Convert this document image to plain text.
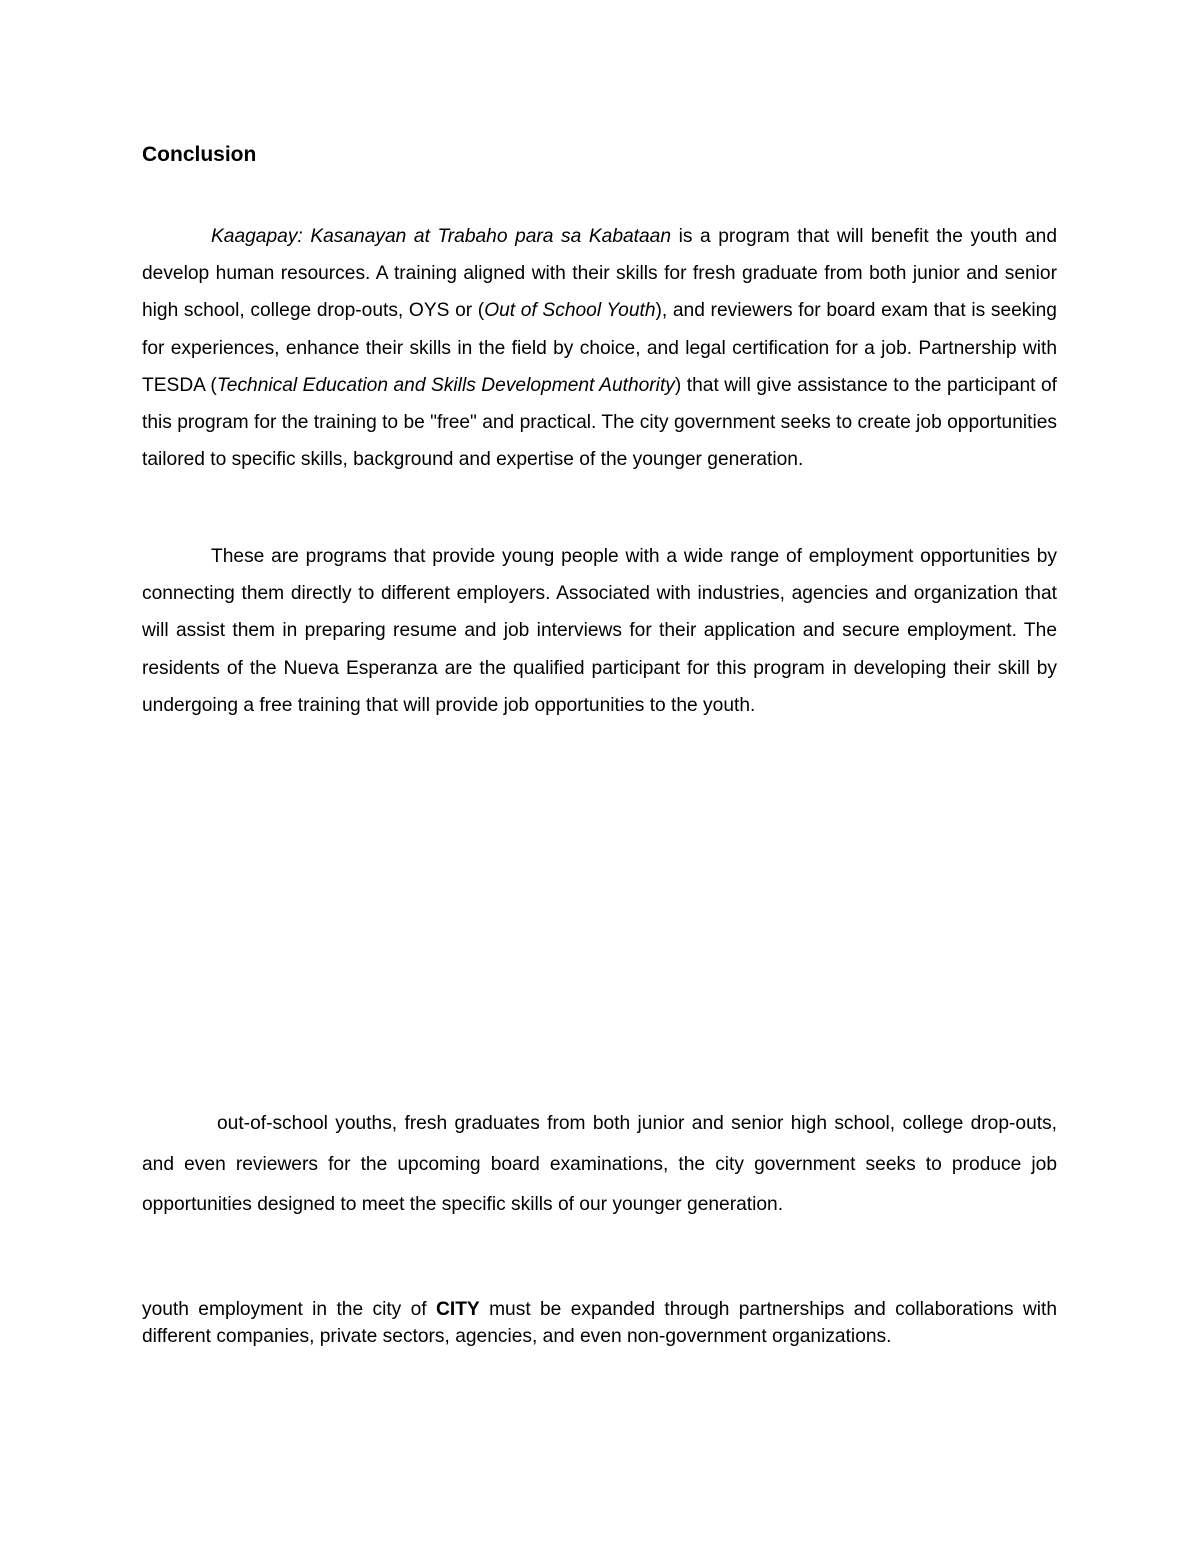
Conclusion

Kaagapay: Kasanayan at Trabaho para sa Kabataan is a program that will benefit the youth and develop human resources. A training aligned with their skills for fresh graduate from both junior and senior high school, college drop-outs, OYS or (Out of School Youth), and reviewers for board exam that is seeking for experiences, enhance their skills in the field by choice, and legal certification for a job. Partnership with TESDA (Technical Education and Skills Development Authority) that will give assistance to the participant of this program for the training to be "free" and practical. The city government seeks to create job opportunities tailored to specific skills, background and expertise of the younger generation.

These are programs that provide young people with a wide range of employment opportunities by connecting them directly to different employers. Associated with industries, agencies and organization that will assist them in preparing resume and job interviews for their application and secure employment. The residents of the Nueva Esperanza are the qualified participant for this program in developing their skill by undergoing a free training that will provide job opportunities to the youth.

out-of-school youths, fresh graduates from both junior and senior high school, college drop-outs, and even reviewers for the upcoming board examinations, the city government seeks to produce job opportunities designed to meet the specific skills of our younger generation.

youth employment in the city of CITY must be expanded through partnerships and collaborations with different companies, private sectors, agencies, and even non-government organizations.
